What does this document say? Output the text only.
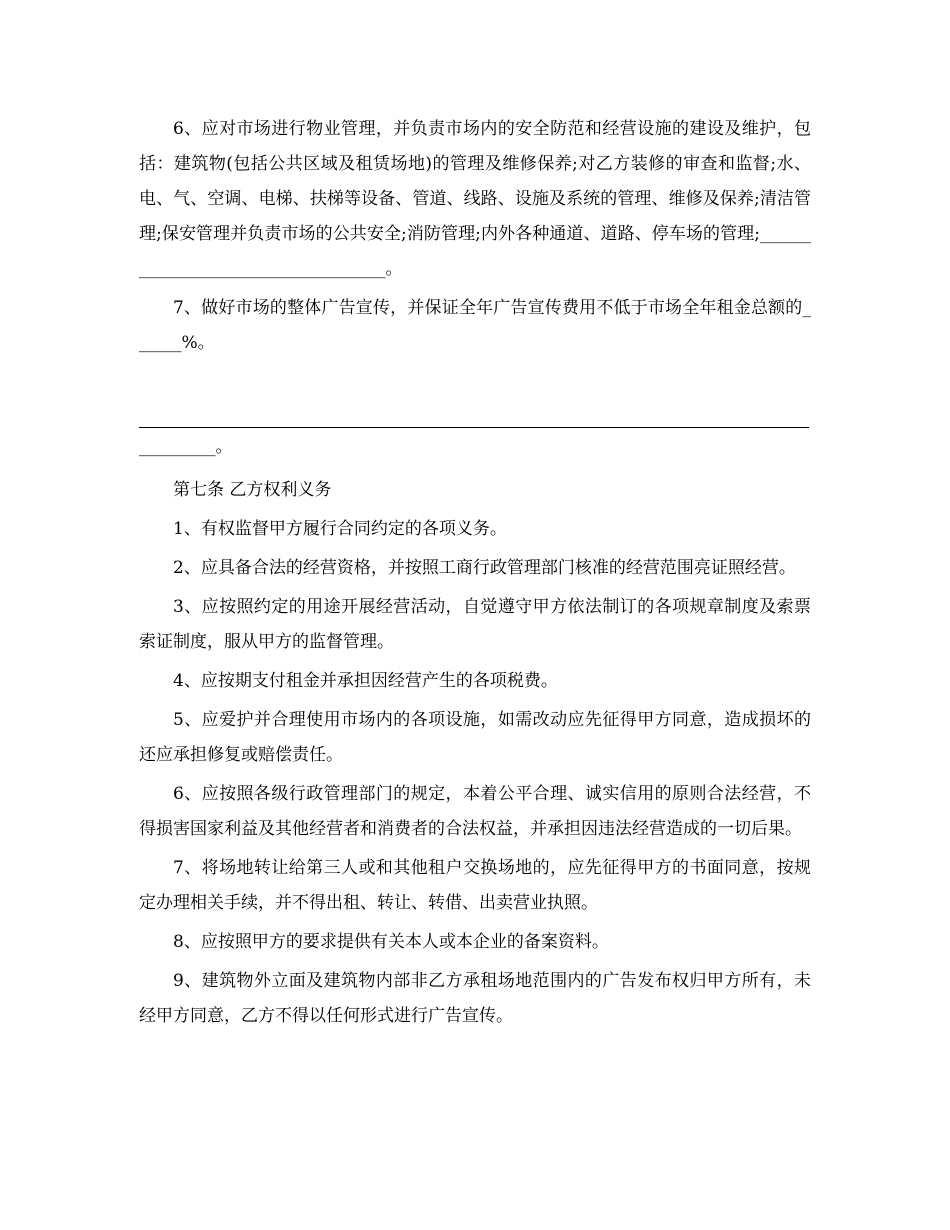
6、应对市场进行物业管理，并负责市场内的安全防范和经营设施的建设及维护，包括：建筑物(包括公共区域及租赁场地)的管理及维修保养;对乙方装修的审查和监督;水、电、气、空调、电梯、扶梯等设备、管道、线路、设施及系统的管理、维修及保养;清洁管理;保安管理并负责市场的公共安全;消防管理;内外各种通道、道路、停车场的管理;___________________________________。

7、做好市场的整体广告宣传，并保证全年广告宣传费用不低于市场全年租金总额的______%。

_________。

第七条 乙方权利义务

1、有权监督甲方履行合同约定的各项义务。

2、应具备合法的经营资格，并按照工商行政管理部门核准的经营范围亮证照经营。

3、应按照约定的用途开展经营活动，自觉遵守甲方依法制订的各项规章制度及索票索证制度，服从甲方的监督管理。

4、应按期支付租金并承担因经营产生的各项税费。

5、应爱护并合理使用市场内的各项设施，如需改动应先征得甲方同意，造成损坏的还应承担修复或赔偿责任。

6、应按照各级行政管理部门的规定，本着公平合理、诚实信用的原则合法经营，不得损害国家利益及其他经营者和消费者的合法权益，并承担因违法经营造成的一切后果。

7、将场地转让给第三人或和其他租户交换场地的，应先征得甲方的书面同意，按规定办理相关手续，并不得出租、转让、转借、出卖营业执照。

8、应按照甲方的要求提供有关本人或本企业的备案资料。

9、建筑物外立面及建筑物内部非乙方承租场地范围内的广告发布权归甲方所有，未经甲方同意，乙方不得以任何形式进行广告宣传。
